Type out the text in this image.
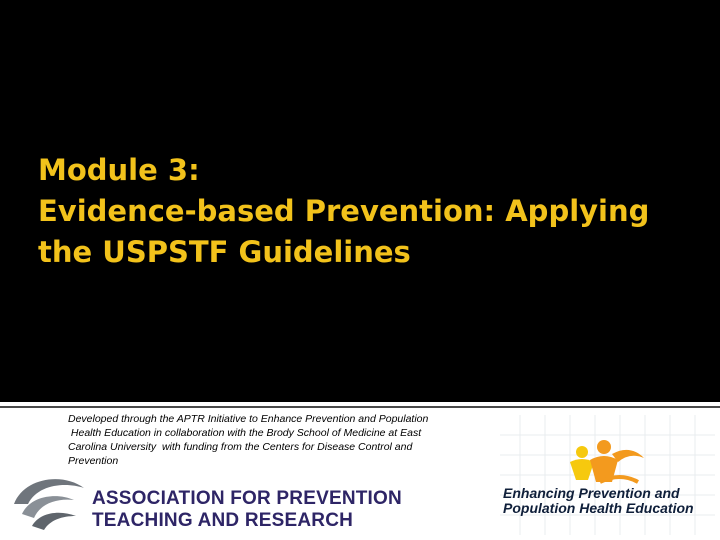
Module 3:
Evidence-based Prevention: Applying
the USPSTF Guidelines
Developed through the APTR Initiative to Enhance Prevention and Population
Health Education in collaboration with the Brody School of Medicine at East
Carolina University  with funding from the Centers for Disease Control and
Prevention
ASSOCIATION FOR PREVENTION
TEACHING AND RESEARCH
Enhancing Prevention and
Population Health Education
